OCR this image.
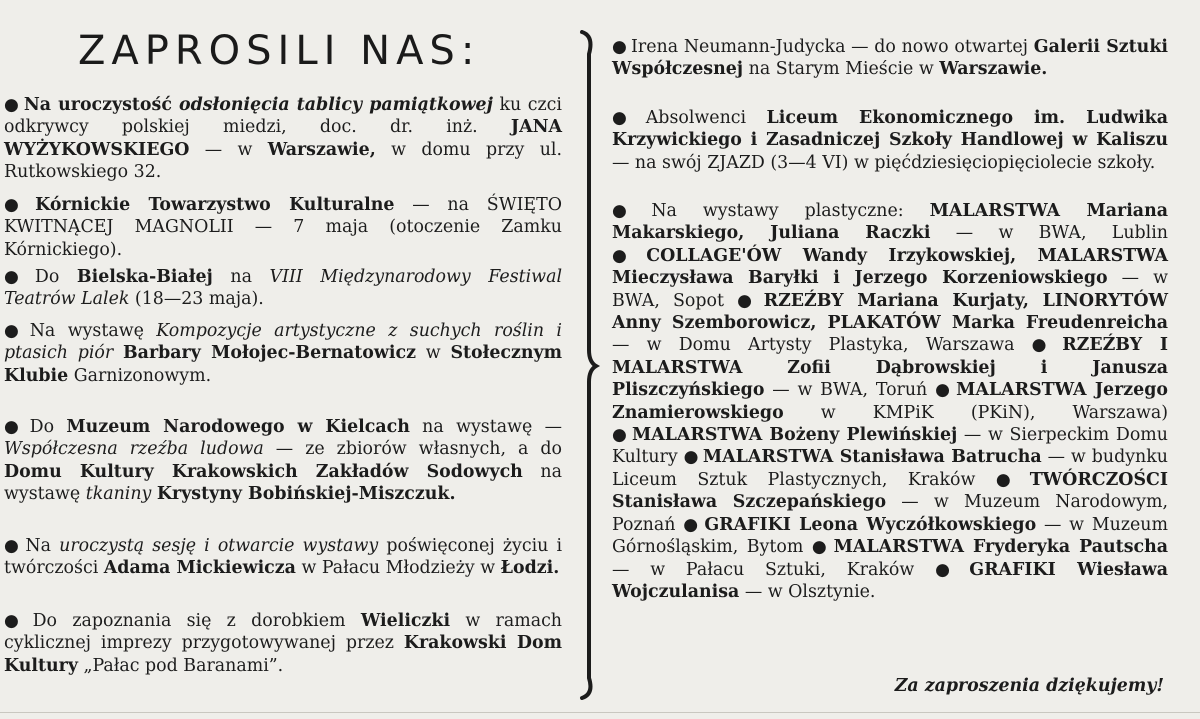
ZAPROSILI NAS:

● Na uroczystość odsłonięcia tablicy pamiątkowej ku czci odkrywcy polskiej miedzi, doc. dr. inż. JANA WYŻYKOWSKIEGO — w Warszawie, w domu przy ul. Rutkowskiego 32.

● Kórnickie Towarzystwo Kulturalne — na ŚWIĘTO KWITNĄCEJ MAGNOLII — 7 maja (otoczenie Zamku Kórnickiego).

● Do Bielska-Białej na VIII Międzynarodowy Festiwal Teatrów Lalek (18—23 maja).

● Na wystawę Kompozycje artystyczne z suchych roślin i ptasich piór Barbary Mołojec-Bernatowicz w Stołecznym Klubie Garnizonowym.

● Do Muzeum Narodowego w Kielcach na wystawę — Współczesna rzeźba ludowa — ze zbiorów własnych, a do Domu Kultury Krakowskich Zakładów Sodowych na wystawę tkaniny Krystyny Bobińskiej-Miszczuk.

● Na uroczystą sesję i otwarcie wystawy poświęconej życiu i twórczości Adama Mickiewicza w Pałacu Młodzieży w Łodzi.

● Do zapoznania się z dorobkiem Wieliczki w ramach cyklicznej imprezy przygotowywanej przez Krakowski Dom Kultury „Pałac pod Baranami”.

● Irena Neumann-Judycka — do nowo otwartej Galerii Sztuki Współczesnej na Starym Mieście w Warszawie.

● Absolwenci Liceum Ekonomicznego im. Ludwika Krzywickiego i Zasadniczej Szkoły Handlowej w Kaliszu — na swój ZJAZD (3—4 VI) w pięćdziesięciopięciolecie szkoły.

● Na wystawy plastyczne: MALARSTWA Mariana Makarskiego, Juliana Raczki — w BWA, Lublin ● COLLAGE'ÓW Wandy Irzykowskiej, MALARSTWA Mieczysława Baryłki i Jerzego Korzeniowskiego — w BWA, Sopot ● RZEŹBY Mariana Kurjaty, LINORYTÓW Anny Szemborowicz, PLAKATÓW Marka Freudenreicha — w Domu Artysty Plastyka, Warszawa ● RZEŹBY I MALARSTWA Zofii Dąbrowskiej i Janusza Pliszczyńskiego — w BWA, Toruń ● MALARSTWA Jerzego Znamierowskiego w KMPiK (PKiN), Warszawa) ● MALARSTWA Bożeny Plewińskiej — w Sierpeckim Domu Kultury ● MALARSTWA Stanisława Batrucha — w budynku Liceum Sztuk Plastycznych, Kraków ● TWÓRCZOŚCI Stanisława Szczepańskiego — w Muzeum Narodowym, Poznań ● GRAFIKI Leona Wyczółkowskiego — w Muzeum Górnośląskim, Bytom ● MALARSTWA Fryderyka Pautscha — w Pałacu Sztuki, Kraków ● GRAFIKI Wiesława Wojczulanisa — w Olsztynie.

Za zaproszenia dziękujemy!
